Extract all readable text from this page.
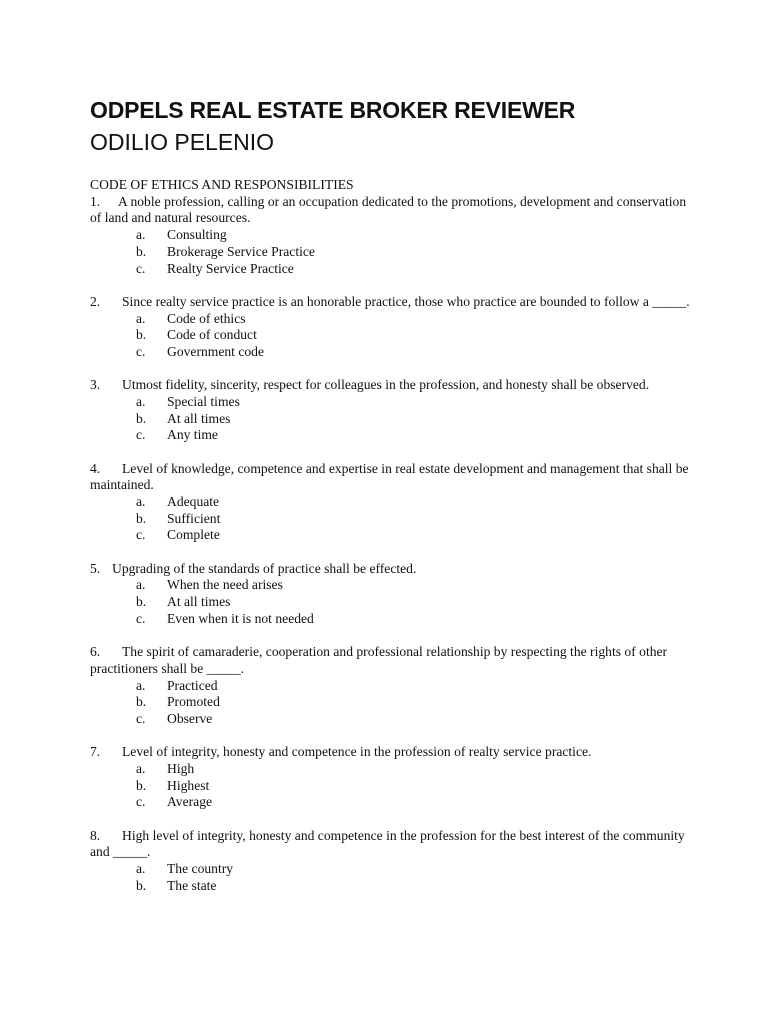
ODPELS REAL ESTATE BROKER REVIEWER

ODILIO PELENIO

CODE OF ETHICS AND RESPONSIBILITIES

1. A noble profession, calling or an occupation dedicated to the promotions, development and conservation of land and natural resources.

a. Consulting
b. Brokerage Service Practice
c. Realty Service Practice

2. Since realty service practice is an honorable practice, those who practice are bounded to follow a _____.

a. Code of ethics
b. Code of conduct
c. Government code

3. Utmost fidelity, sincerity, respect for colleagues in the profession, and honesty shall be observed.

a. Special times
b. At all times
c. Any time

4. Level of knowledge, competence and expertise in real estate development and management that shall be maintained.

a. Adequate
b. Sufficient
c. Complete

5. Upgrading of the standards of practice shall be effected.

a. When the need arises
b. At all times
c. Even when it is not needed

6. The spirit of camaraderie, cooperation and professional relationship by respecting the rights of other practitioners shall be _____.

a. Practiced
b. Promoted
c. Observe

7. Level of integrity, honesty and competence in the profession of realty service practice.

a. High
b. Highest
c. Average

8. High level of integrity, honesty and competence in the profession for the best interest of the community and _____.

a. The country
b. The state
